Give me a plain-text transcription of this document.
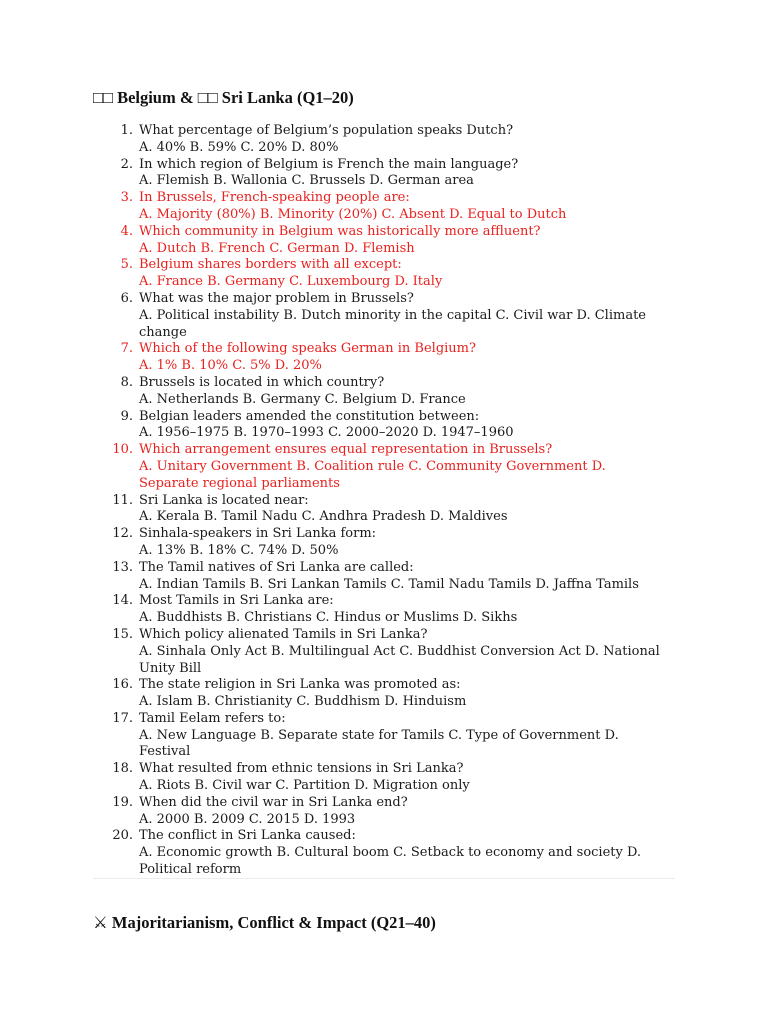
□□ Belgium & □□ Sri Lanka (Q1–20)
1. What percentage of Belgium’s population speaks Dutch?
A. 40% B. 59% C. 20% D. 80%
2. In which region of Belgium is French the main language?
A. Flemish B. Wallonia C. Brussels D. German area
3. In Brussels, French-speaking people are:
A. Majority (80%) B. Minority (20%) C. Absent D. Equal to Dutch
4. Which community in Belgium was historically more affluent?
A. Dutch B. French C. German D. Flemish
5. Belgium shares borders with all except:
A. France B. Germany C. Luxembourg D. Italy
6. What was the major problem in Brussels?
A. Political instability B. Dutch minority in the capital C. Civil war D. Climate change
7. Which of the following speaks German in Belgium?
A. 1% B. 10% C. 5% D. 20%
8. Brussels is located in which country?
A. Netherlands B. Germany C. Belgium D. France
9. Belgian leaders amended the constitution between:
A. 1956–1975 B. 1970–1993 C. 2000–2020 D. 1947–1960
10. Which arrangement ensures equal representation in Brussels?
A. Unitary Government B. Coalition rule C. Community Government D. Separate regional parliaments
11. Sri Lanka is located near:
A. Kerala B. Tamil Nadu C. Andhra Pradesh D. Maldives
12. Sinhala-speakers in Sri Lanka form:
A. 13% B. 18% C. 74% D. 50%
13. The Tamil natives of Sri Lanka are called:
A. Indian Tamils B. Sri Lankan Tamils C. Tamil Nadu Tamils D. Jaffna Tamils
14. Most Tamils in Sri Lanka are:
A. Buddhists B. Christians C. Hindus or Muslims D. Sikhs
15. Which policy alienated Tamils in Sri Lanka?
A. Sinhala Only Act B. Multilingual Act C. Buddhist Conversion Act D. National Unity Bill
16. The state religion in Sri Lanka was promoted as:
A. Islam B. Christianity C. Buddhism D. Hinduism
17. Tamil Eelam refers to:
A. New Language B. Separate state for Tamils C. Type of Government D. Festival
18. What resulted from ethnic tensions in Sri Lanka?
A. Riots B. Civil war C. Partition D. Migration only
19. When did the civil war in Sri Lanka end?
A. 2000 B. 2009 C. 2015 D. 1993
20. The conflict in Sri Lanka caused:
A. Economic growth B. Cultural boom C. Setback to economy and society D. Political reform
⚔ Majoritarianism, Conflict & Impact (Q21–40)
